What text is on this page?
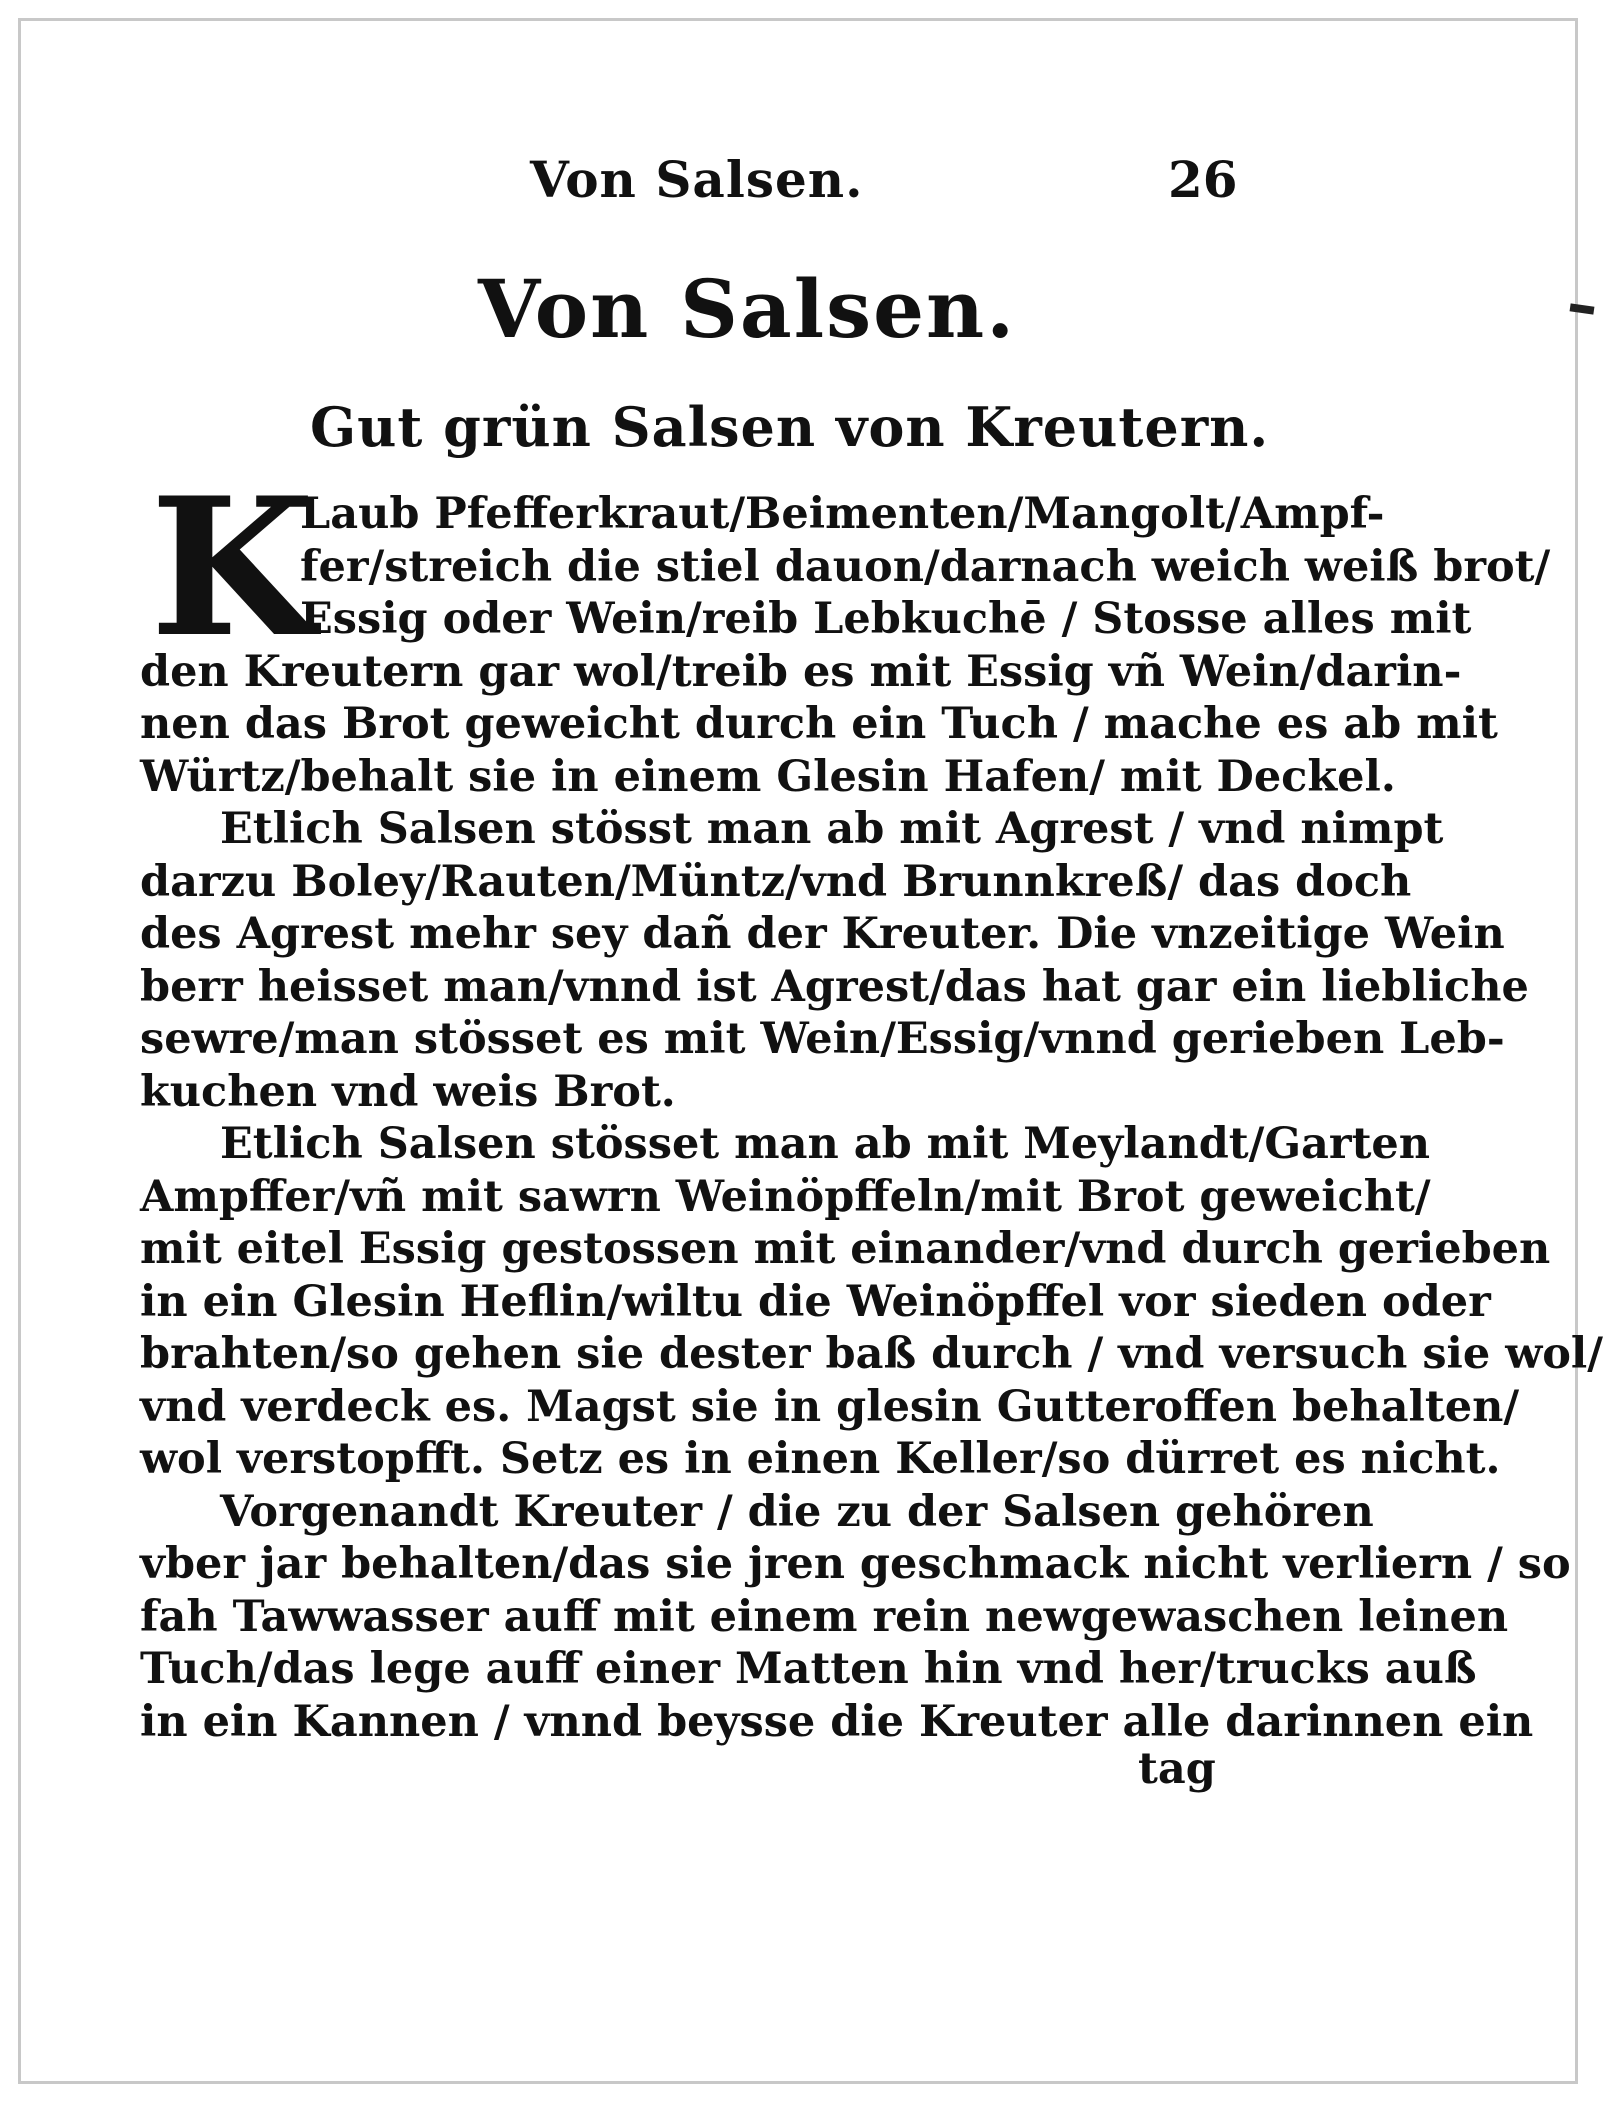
Von Salsen.	26
Von Salsen.
Gut grün Salsen von Kreutern.
K
Laub Pfefferkraut/Beimenten/Mangolt/Ampf-
fer/streich die stiel dauon/darnach weich weiß brot/
Essig oder Wein/reib Lebkuchē / Stosse alles mit
den Kreutern gar wol/treib es mit Essig vñ Wein/darin-
nen das Brot geweicht durch ein Tuch / mache es ab mit
Würtz/behalt sie in einem Glesin Hafen/ mit Deckel.
Etlich Salsen stösst man ab mit Agrest / vnd nimpt
darzu Boley/Rauten/Müntz/vnd Brunnkreß/ das doch
des Agrest mehr sey dañ der Kreuter. Die vnzeitige Wein
berr heisset man/vnnd ist Agrest/das hat gar ein liebliche
sewre/man stösset es mit Wein/Essig/vnnd gerieben Leb-
kuchen vnd weis Brot.
Etlich Salsen stösset man ab mit Meylandt/Garten
Ampffer/vñ mit sawrn Weinöpffeln/mit Brot geweicht/
mit eitel Essig gestossen mit einander/vnd durch gerieben
in ein Glesin Heflin/wiltu die Weinöpffel vor sieden oder
brahten/so gehen sie dester baß durch / vnd versuch sie wol/
vnd verdeck es. Magst sie in glesin Gutteroffen behalten/
wol verstopfft. Setz es in einen Keller/so dürret es nicht.
Vorgenandt Kreuter / die zu der Salsen gehören
vber jar behalten/das sie jren geschmack nicht verliern / so
fah Tawwasser auff mit einem rein newgewaschen leinen
Tuch/das lege auff einer Matten hin vnd her/trucks auß
in ein Kannen / vnnd beysse die Kreuter alle darinnen ein
tag
